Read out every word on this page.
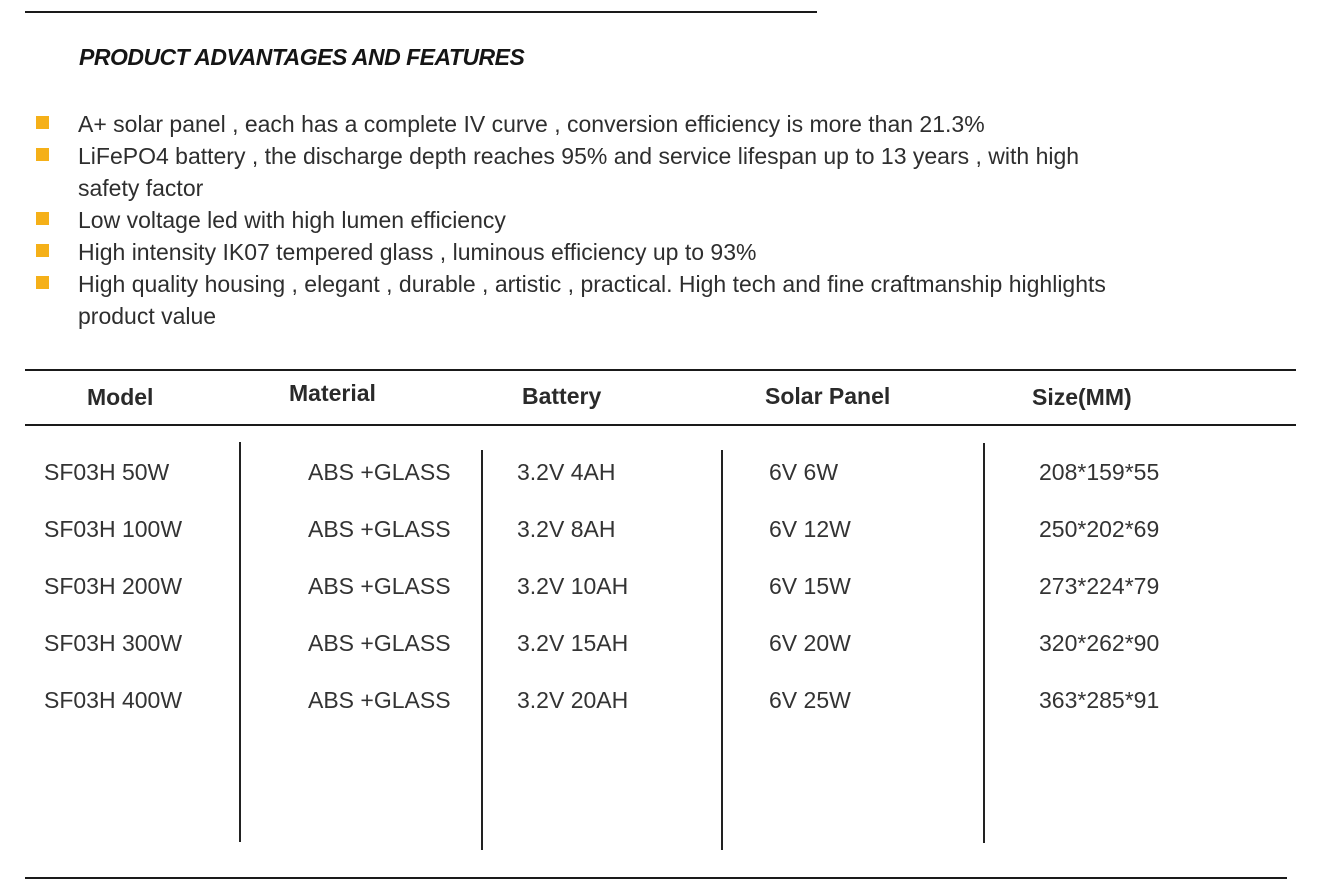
PRODUCT ADVANTAGES AND FEATURES
A+ solar panel , each has a complete IV curve , conversion efficiency is more than 21.3%
LiFePO4 battery , the discharge depth reaches 95% and service lifespan up to 13 years , with high safety factor
Low voltage led with high lumen efficiency
High intensity IK07 tempered glass , luminous efficiency up to 93%
High quality housing , elegant , durable , artistic , practical. High tech and fine craftmanship highlights product value
Model	Material	Battery	Solar Panel	Size(MM)
SF03H 50W	ABS +GLASS	3.2V 4AH	6V 6W	208*159*55
SF03H 100W	ABS +GLASS	3.2V 8AH	6V 12W	250*202*69
SF03H 200W	ABS +GLASS	3.2V 10AH	6V 15W	273*224*79
SF03H 300W	ABS +GLASS	3.2V 15AH	6V 20W	320*262*90
SF03H 400W	ABS +GLASS	3.2V 20AH	6V 25W	363*285*91
